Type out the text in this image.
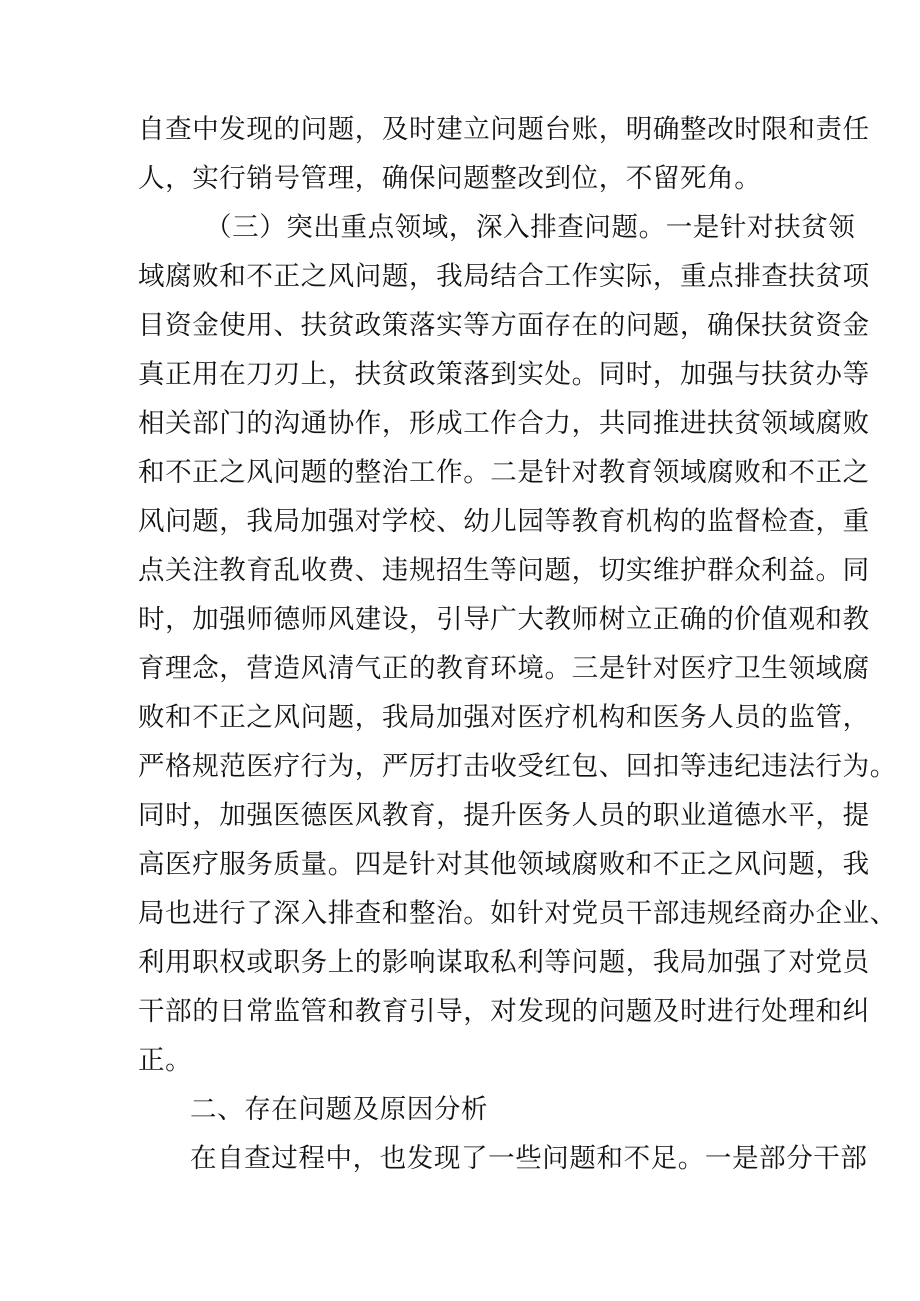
自查中发现的问题，及时建立问题台账，明确整改时限和责任
人，实行销号管理，确保问题整改到位，不留死角。
（三）突出重点领域，深入排查问题。一是针对扶贫领
域腐败和不正之风问题，我局结合工作实际，重点排查扶贫项
目资金使用、扶贫政策落实等方面存在的问题，确保扶贫资金
真正用在刀刃上，扶贫政策落到实处。同时，加强与扶贫办等
相关部门的沟通协作，形成工作合力，共同推进扶贫领域腐败
和不正之风问题的整治工作。二是针对教育领域腐败和不正之
风问题，我局加强对学校、幼儿园等教育机构的监督检查，重
点关注教育乱收费、违规招生等问题，切实维护群众利益。同
时，加强师德师风建设，引导广大教师树立正确的价值观和教
育理念，营造风清气正的教育环境。三是针对医疗卫生领域腐
败和不正之风问题，我局加强对医疗机构和医务人员的监管，
严格规范医疗行为，严厉打击收受红包、回扣等违纪违法行为。
同时，加强医德医风教育，提升医务人员的职业道德水平，提
高医疗服务质量。四是针对其他领域腐败和不正之风问题，我
局也进行了深入排查和整治。如针对党员干部违规经商办企业、
利用职权或职务上的影响谋取私利等问题，我局加强了对党员
干部的日常监管和教育引导，对发现的问题及时进行处理和纠
正。
二、存在问题及原因分析
在自查过程中，也发现了一些问题和不足。一是部分干部
